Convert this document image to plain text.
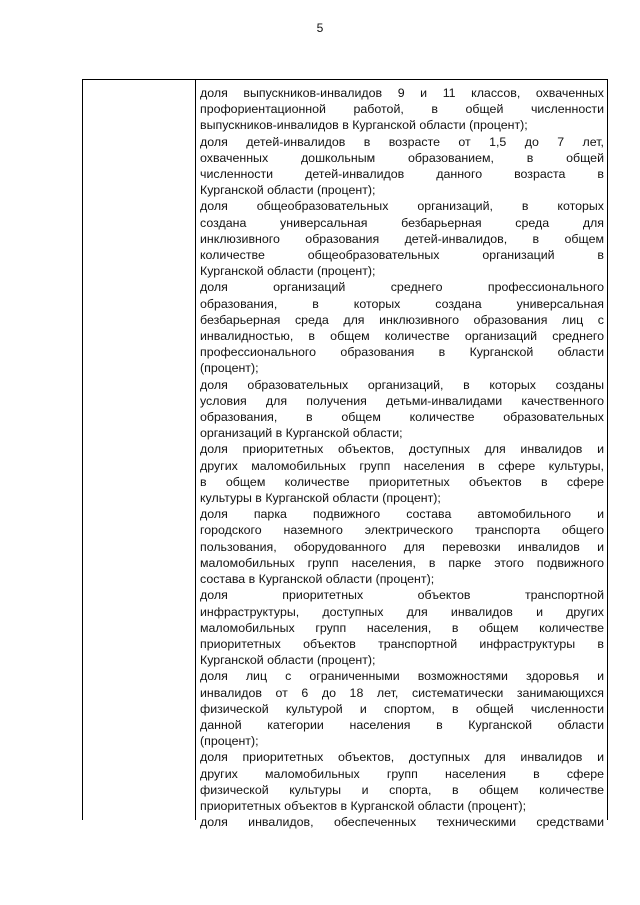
5

доля выпускников-инвалидов 9 и 11 классов, охваченных

профориентационной работой, в общей численности

выпускников-инвалидов в Курганской области (процент);

доля детей-инвалидов в возрасте от 1,5 до 7 лет,

охваченных дошкольным образованием, в общей

численности детей-инвалидов данного возраста в

Курганской области (процент);

доля общеобразовательных организаций, в которых

создана универсальная безбарьерная среда для

инклюзивного образования детей-инвалидов, в общем

количестве общеобразовательных организаций в

Курганской области (процент);

доля организаций среднего профессионального

образования, в которых создана универсальная

безбарьерная среда для инклюзивного образования лиц с

инвалидностью, в общем количестве организаций среднего

профессионального образования в Курганской области

(процент);

доля образовательных организаций, в которых созданы

условия для получения детьми-инвалидами качественного

образования, в общем количестве образовательных

организаций в Курганской области;

доля приоритетных объектов, доступных для инвалидов и

других маломобильных групп населения в сфере культуры,

в общем количестве приоритетных объектов в сфере

культуры в Курганской области (процент);

доля парка подвижного состава автомобильного и

городского наземного электрического транспорта общего

пользования, оборудованного для перевозки инвалидов и

маломобильных групп населения, в парке этого подвижного

состава в Курганской области (процент);

доля приоритетных объектов транспортной

инфраструктуры, доступных для инвалидов и других

маломобильных групп населения, в общем количестве

приоритетных объектов транспортной инфраструктуры в

Курганской области (процент);

доля лиц с ограниченными возможностями здоровья и

инвалидов от 6 до 18 лет, систематически занимающихся

физической культурой и спортом, в общей численности

данной категории населения в Курганской области

(процент);

доля приоритетных объектов, доступных для инвалидов и

других маломобильных групп населения в сфере

физической культуры и спорта, в общем количестве

приоритетных объектов в Курганской области (процент);

доля инвалидов, обеспеченных техническими средствами
